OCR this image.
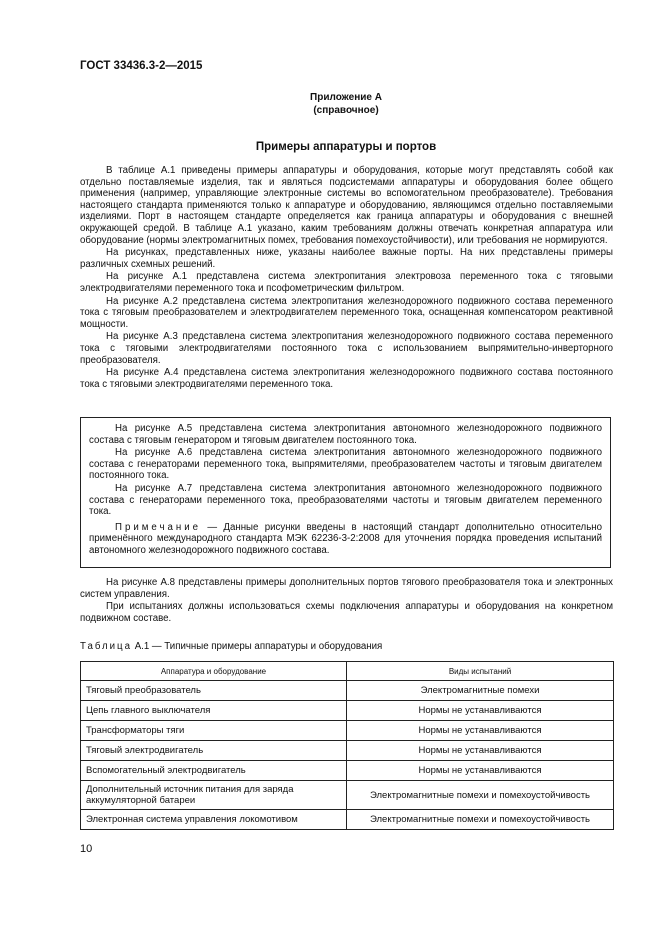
ГОСТ 33436.3-2—2015
Приложение А
(справочное)
Примеры аппаратуры и портов

В таблице А.1 приведены примеры аппаратуры и оборудования, которые могут представлять собой как отдельно поставляемые изделия, так и являться подсистемами аппаратуры и оборудования более общего применения (например, управляющие электронные системы во вспомогательном преобразователе). Требования настоящего стандарта применяются только к аппаратуре и оборудованию, являющимся отдельно поставляемыми изделиями. Порт в настоящем стандарте определяется как граница аппаратуры и оборудования с внешней окружающей средой. В таблице А.1 указано, каким требованиям должны отвечать конкретная аппаратура или оборудование (нормы электромагнитных помех, требования помехоустойчивости), или требования не нормируются.

На рисунках, представленных ниже, указаны наиболее важные порты. На них представлены примеры различных схемных решений.

На рисунке А.1 представлена система электропитания электровоза переменного тока с тяговыми электродвигателями переменного тока и псофометрическим фильтром.

На рисунке А.2 представлена система электропитания железнодорожного подвижного состава переменного тока с тяговым преобразователем и электродвигателем переменного тока, оснащенная компенсатором реактивной мощности.

На рисунке А.3 представлена система электропитания железнодорожного подвижного состава переменного тока с тяговыми электродвигателями постоянного тока с использованием выпрямительно-инверторного преобразователя.

На рисунке А.4 представлена система электропитания железнодорожного подвижного состава постоянного тока с тяговыми электродвигателями переменного тока.

На рисунке А.5 представлена система электропитания автономного железнодорожного подвижного состава с тяговым генератором и тяговым двигателем постоянного тока.

На рисунке А.6 представлена система электропитания автономного железнодорожного подвижного состава с генераторами переменного тока, выпрямителями, преобразователем частоты и тяговым двигателем постоянного тока.

На рисунке А.7 представлена система электропитания автономного железнодорожного подвижного состава с генераторами переменного тока, преобразователями частоты и тяговым двигателем переменного тока.

Примечание — Данные рисунки введены в настоящий стандарт дополнительно относительно применённого международного стандарта МЭК 62236-3-2:2008 для уточнения порядка проведения испытаний автономного железнодорожного подвижного состава.

На рисунке А.8 представлены примеры дополнительных портов тягового преобразователя тока и электронных систем управления.

При испытаниях должны использоваться схемы подключения аппаратуры и оборудования на конкретном подвижном составе.

Таблица А.1 — Типичные примеры аппаратуры и оборудования
Аппаратура и оборудование	Виды испытаний
Тяговый преобразователь	Электромагнитные помехи
Цепь главного выключателя	Нормы не устанавливаются
Трансформаторы тяги	Нормы не устанавливаются
Тяговый электродвигатель	Нормы не устанавливаются
Вспомогательный электродвигатель	Нормы не устанавливаются
Дополнительный источник питания для заряда аккумуляторной батареи	Электромагнитные помехи и помехоустойчивость
Электронная система управления локомотивом	Электромагнитные помехи и помехоустойчивость
10
